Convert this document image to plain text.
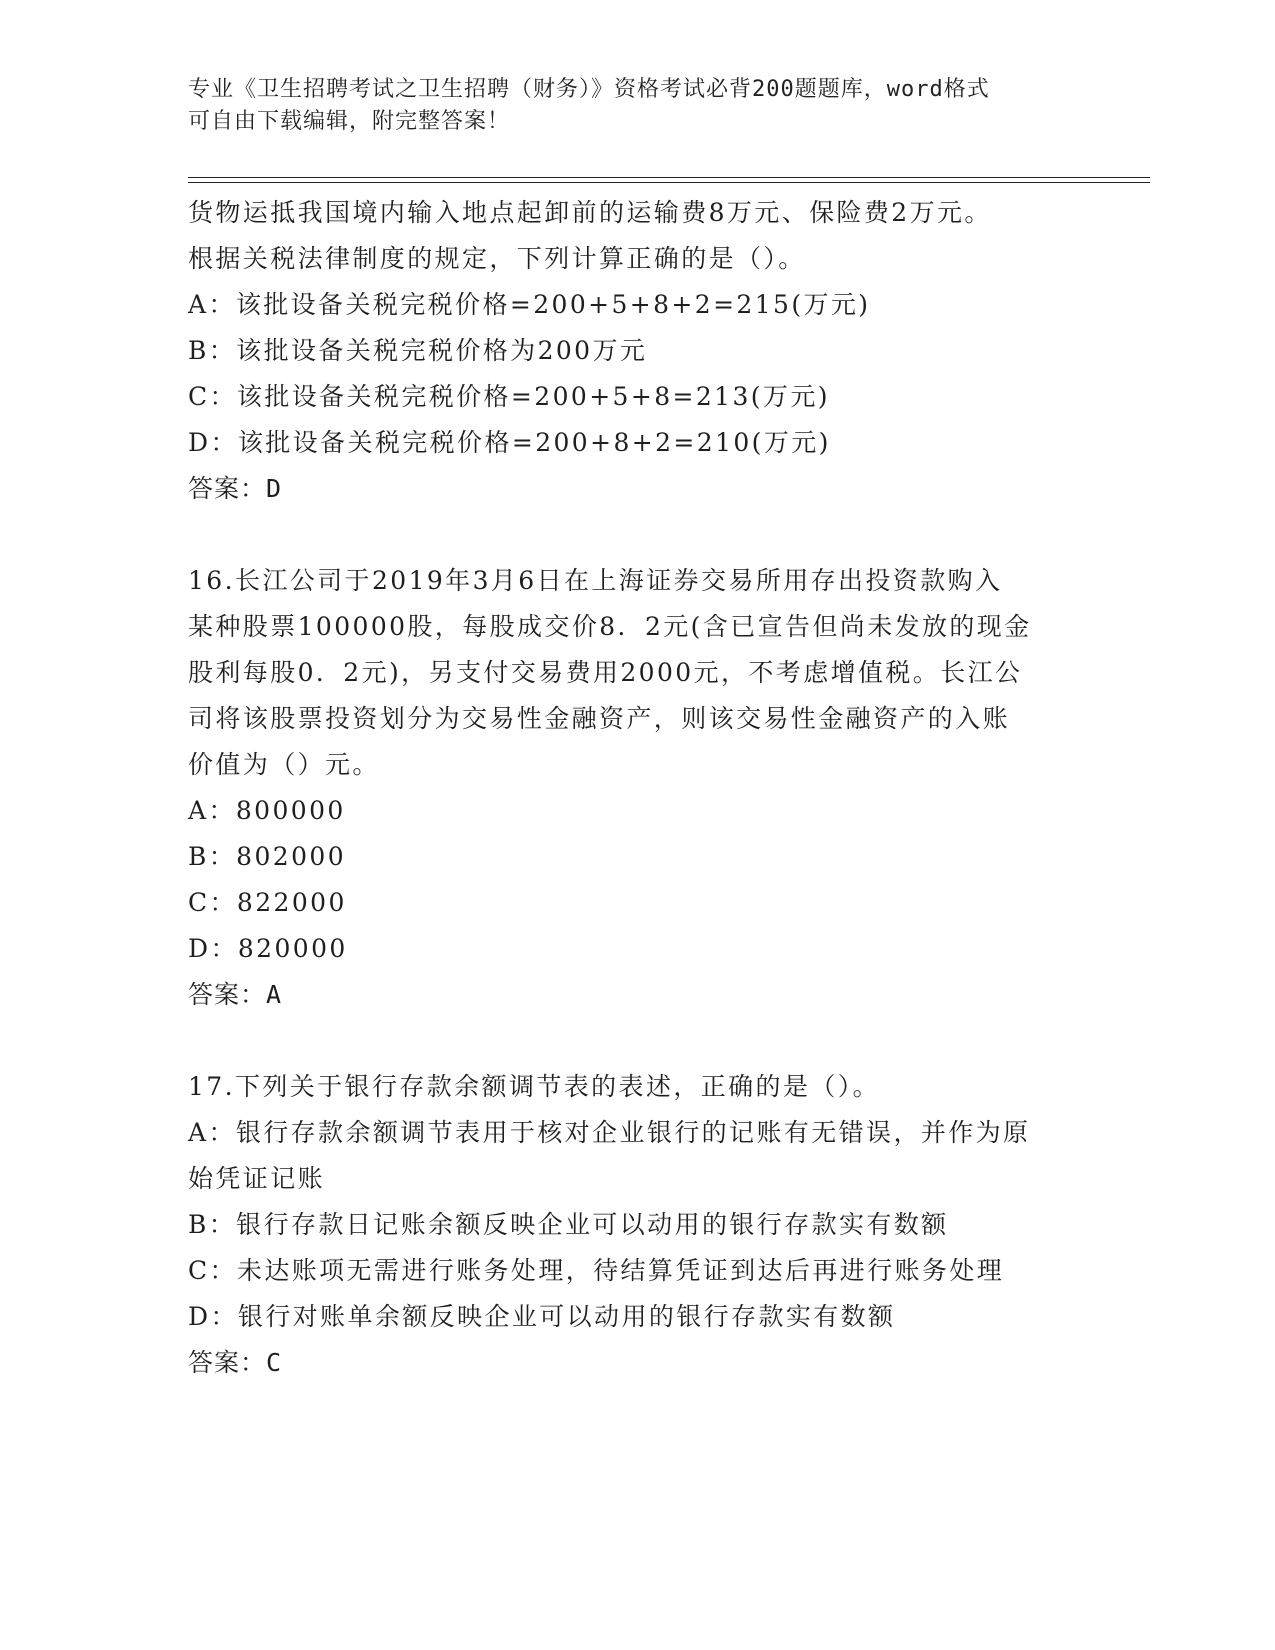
专业《卫生招聘考试之卫生招聘（财务）》资格考试必背200题题库，word格式
可自由下载编辑，附完整答案！
货物运抵我国境内输入地点起卸前的运输费8万元、保险费2万元。
根据关税法律制度的规定，下列计算正确的是（）。
A：该批设备关税完税价格=200+5+8+2=215(万元)
B：该批设备关税完税价格为200万元
C：该批设备关税完税价格=200+5+8=213(万元)
D：该批设备关税完税价格=200+8+2=210(万元)
答案：D
16.长江公司于2019年3月6日在上海证券交易所用存出投资款购入
某种股票100000股，每股成交价8．2元(含已宣告但尚未发放的现金
股利每股0．2元)，另支付交易费用2000元，不考虑增值税。长江公
司将该股票投资划分为交易性金融资产，则该交易性金融资产的入账
价值为（）元。
A：800000
B：802000
C：822000
D：820000
答案：A
17.下列关于银行存款余额调节表的表述，正确的是（）。
A：银行存款余额调节表用于核对企业银行的记账有无错误，并作为原
始凭证记账
B：银行存款日记账余额反映企业可以动用的银行存款实有数额
C：未达账项无需进行账务处理，待结算凭证到达后再进行账务处理
D：银行对账单余额反映企业可以动用的银行存款实有数额
答案：C
